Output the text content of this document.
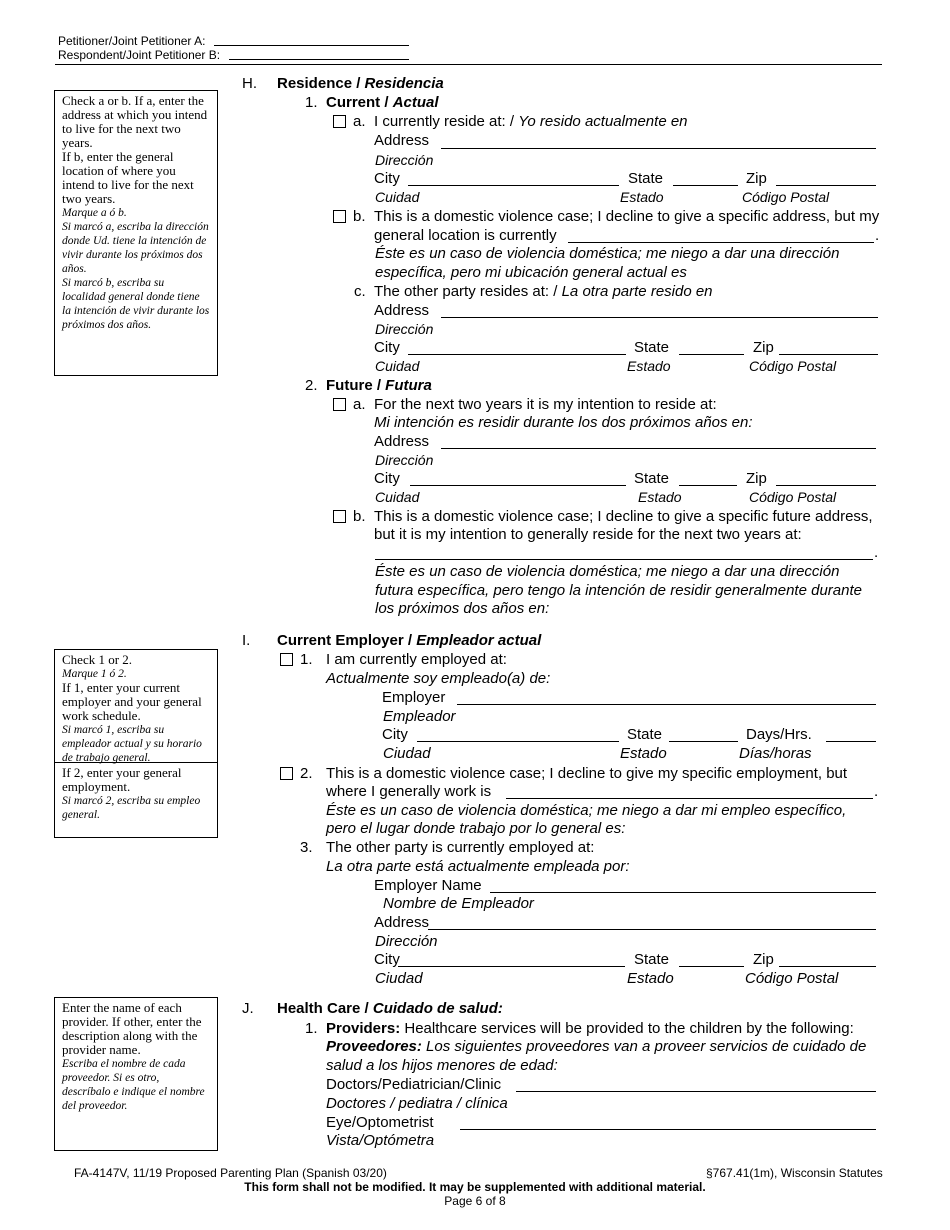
Petitioner/Joint Petitioner A:
Respondent/Joint Petitioner B:
Check a or b. If a, enter the address at which you intend to live for the next two years.
If b, enter the general location of where you intend to live for the next two years.
Marque a ó b.
Si marcó a, escriba la dirección donde Ud. tiene la intención de vivir durante los próximos dos años.
Si marcó b, escriba su localidad general donde tiene la intención de vivir durante los próximos dos años.
Check 1 or 2.
Marque 1 ó 2.
If 1, enter your current employer and your general work schedule.
Si marcó 1, escriba su empleador actual y su horario de trabajo general.
If 2, enter your general employment.
Si marcó 2, escriba su empleo general.
Enter the name of each provider. If other, enter the description along with the provider name.
Escriba el nombre de cada proveedor. Si es otro, descríbalo e indique el nombre del proveedor.
H. Residence / Residencia
1. Current / Actual
a. I currently reside at: / Yo resido actualmente en
Address
Dirección
City	State	Zip
Cuidad	Estado	Código Postal
b. This is a domestic violence case; I decline to give a specific address, but my
general location is currently	.
Éste es un caso de violencia doméstica; me niego a dar una dirección
específica, pero mi ubicación general actual es
c. The other party resides at: / La otra parte resido en
Address
Dirección
City	State	Zip
Cuidad	Estado	Código Postal
2. Future / Futura
a. For the next two years it is my intention to reside at:
Mi intención es residir durante los dos próximos años en:
Address
Dirección
City	State	Zip
Cuidad	Estado	Código Postal
b. This is a domestic violence case; I decline to give a specific future address,
but it is my intention to generally reside for the next two years at:
.
Éste es un caso de violencia doméstica; me niego a dar una dirección
futura específica, pero tengo la intención de residir generalmente durante
los próximos dos años en:
I. Current Employer / Empleador actual
1. I am currently employed at:
Actualmente soy empleado(a) de:
Employer
Empleador
City	State	Days/Hrs.
Ciudad	Estado	Días/horas
2. This is a domestic violence case; I decline to give my specific employment, but
where I generally work is	.
Éste es un caso de violencia doméstica; me niego a dar mi empleo específico,
pero el lugar donde trabajo por lo general es:
3. The other party is currently employed at:
La otra parte está actualmente empleada por:
Employer Name
Nombre de Empleador
Address
Dirección
City	State	Zip
Ciudad	Estado	Código Postal
J. Health Care / Cuidado de salud:
1. Providers: Healthcare services will be provided to the children by the following:
Proveedores: Los siguientes proveedores van a proveer servicios de cuidado de
salud a los hijos menores de edad:
Doctors/Pediatrician/Clinic
Doctores / pediatra / clínica
Eye/Optometrist
Vista/Optómetra
FA-4147V, 11/19 Proposed Parenting Plan (Spanish 03/20)	§767.41(1m), Wisconsin Statutes
This form shall not be modified. It may be supplemented with additional material.
Page 6 of 8
